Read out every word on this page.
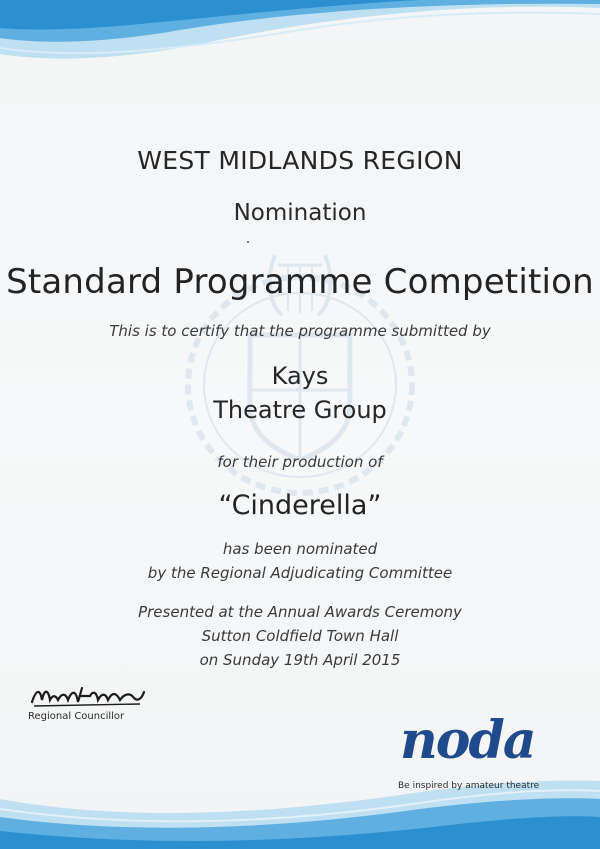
WEST MIDLANDS REGION
Nomination
Standard Programme Competition
This is to certify that the programme submitted by
Kays
Theatre Group
for their production of
“Cinderella”
has been nominated
by the Regional Adjudicating Committee
Presented at the Annual Awards Ceremony
Sutton Coldfield Town Hall
on Sunday 19th April 2015
Regional Councillor	noda
Be inspired by amateur theatre
